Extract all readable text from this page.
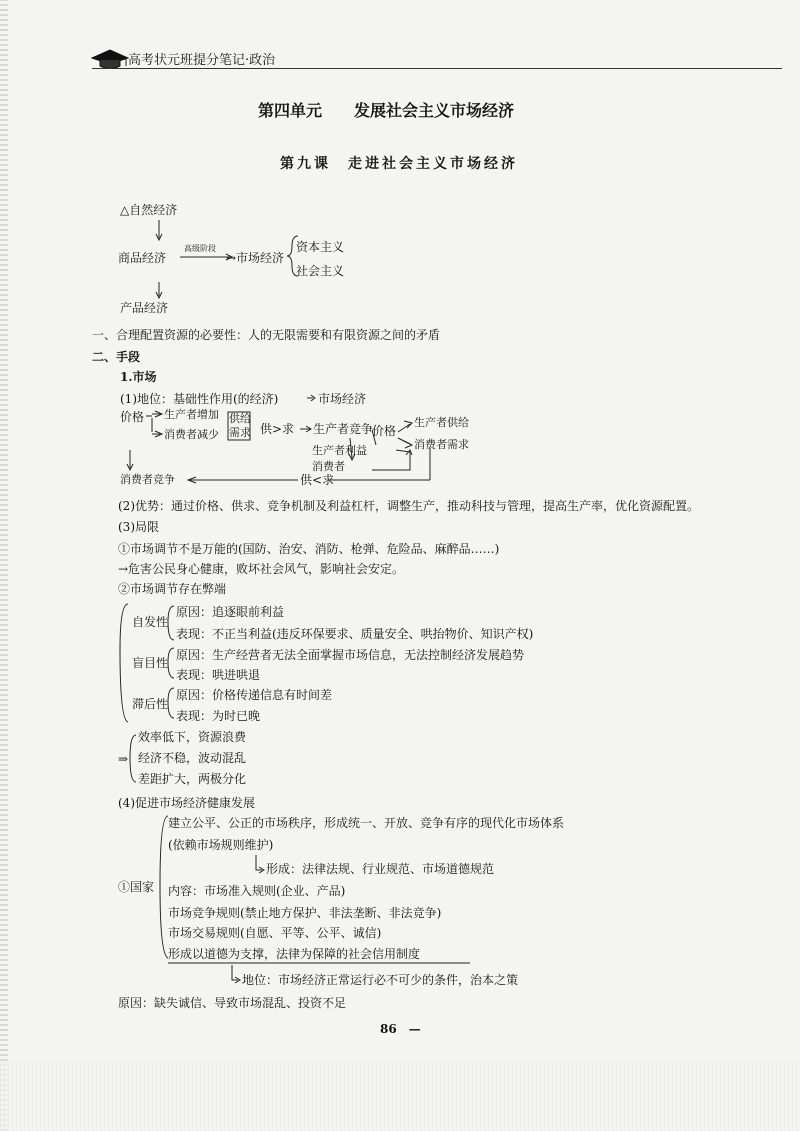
高考状元班提分笔记·政治
第四单元　　发展社会主义市场经济
第九课　走进社会主义市场经济
△自然经济
商品经济
高级阶段
→市场经济
资本主义
社会主义
产品经济
一、合理配置资源的必要性：人的无限需要和有限资源之间的矛盾
二、手段
1.市场
(1)地位：基础性作用(的经济)	市场经济
价格 生产者增加
消费者减少
供给
需求 供>求 生产者竞争
价格
生产者利益
消费者
生产者供给
消费者需求
消费者竞争	供<求
(2)优势：通过价格、供求、竞争机制及利益杠杆，调整生产，推动科技与管理，提高生产率，优化资源配置。
(3)局限
①市场调节不是万能的(国防、治安、消防、枪弹、危险品、麻醉品……)
→危害公民身心健康，败坏社会风气，影响社会安定。
②市场调节存在弊端
自发性
原因：追逐眼前利益
表现：不正当利益(违反环保要求、质量安全、哄抬物价、知识产权)
盲目性
原因：生产经营者无法全面掌握市场信息，无法控制经济发展趋势
表现：哄进哄退
滞后性
原因：价格传递信息有时间差
表现：为时已晚
⇒
效率低下，资源浪费
经济不稳，波动混乱
差距扩大，两极分化
(4)促进市场经济健康发展
①国家
建立公平、公正的市场秩序，形成统一、开放、竞争有序的现代化市场体系
(依赖市场规则维护)
形成：法律法规、行业规范、市场道德规范
内容：市场准入规则(企业、产品)
市场竞争规则(禁止地方保护、非法垄断、非法竞争)
市场交易规则(自愿、平等、公平、诚信)
形成以道德为支撑，法律为保障的社会信用制度
地位：市场经济正常运行必不可少的条件，治本之策
原因：缺失诚信、导致市场混乱、投资不足
86　—
